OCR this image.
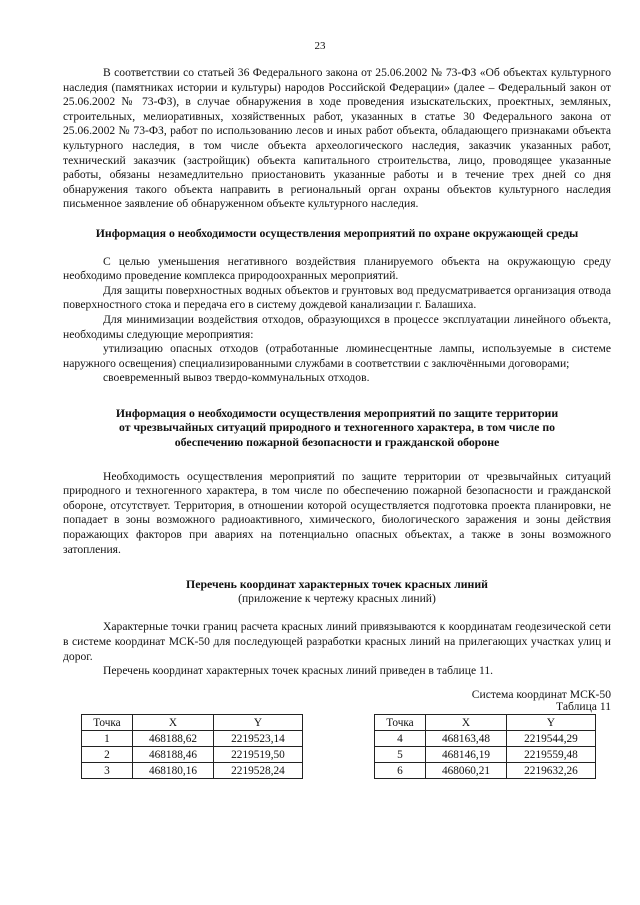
23

В соответствии со статьей 36 Федерального закона от 25.06.2002 № 73-ФЗ «Об объектах культурного наследия (памятниках истории и культуры) народов Российской Федерации» (далее – Федеральный закон от 25.06.2002 № 73-ФЗ), в случае обнаружения в ходе проведения изыскательских, проектных, земляных, строительных, мелиоративных, хозяйственных работ, указанных в статье 30 Федерального закона от 25.06.2002 № 73-ФЗ, работ по использованию лесов и иных работ объекта, обладающего признаками объекта культурного наследия, в том числе объекта археологического наследия, заказчик указанных работ, технический заказчик (застройщик) объекта капитального строительства, лицо, проводящее указанные работы, обязаны незамедлительно приостановить указанные работы и в течение трех дней со дня обнаружения такого объекта направить в региональный орган охраны объектов культурного наследия письменное заявление об обнаруженном объекте культурного наследия.

Информация о необходимости осуществления мероприятий по охране окружающей среды

С целью уменьшения негативного воздействия планируемого объекта на окружающую среду необходимо проведение комплекса природоохранных мероприятий.

Для защиты поверхностных водных объектов и грунтовых вод предусматривается организация отвода поверхностного стока и передача его в систему дождевой канализации г. Балашиха.

Для минимизации воздействия отходов, образующихся в процессе эксплуатации линейного объекта, необходимы следующие мероприятия:

утилизацию опасных отходов (отработанные люминесцентные лампы, используемые в системе наружного освещения) специализированными службами в соответствии с заключёнными договорами;

своевременный вывоз твердо-коммунальных отходов.

Информация о необходимости осуществления мероприятий по защите территории
от чрезвычайных ситуаций природного и техногенного характера, в том числе по
обеспечению пожарной безопасности и гражданской обороне

Необходимость осуществления мероприятий по защите территории от чрезвычайных ситуаций природного и техногенного характера, в том числе по обеспечению пожарной безопасности и гражданской обороне, отсутствует. Территория, в отношении которой осуществляется подготовка проекта планировки, не попадает в зоны возможного радиоактивного, химического, биологического заражения и зоны действия поражающих факторов при авариях на потенциально опасных объектах, а также в зоны возможного затопления.

Перечень координат характерных точек красных линий
(приложение к чертежу красных линий)

Характерные точки границ расчета красных линий привязываются к координатам геодезической сети в системе координат МСК-50 для последующей разработки красных линий на прилегающих участках улиц и дорог.

Перечень координат характерных точек красных линий приведен в таблице 11.

Система координат МСК-50
Таблица 11
Точка	X	Y
1	468188,62	2219523,14
2	468188,46	2219519,50
3	468180,16	2219528,24
Точка	X	Y
4	468163,48	2219544,29
5	468146,19	2219559,48
6	468060,21	2219632,26
